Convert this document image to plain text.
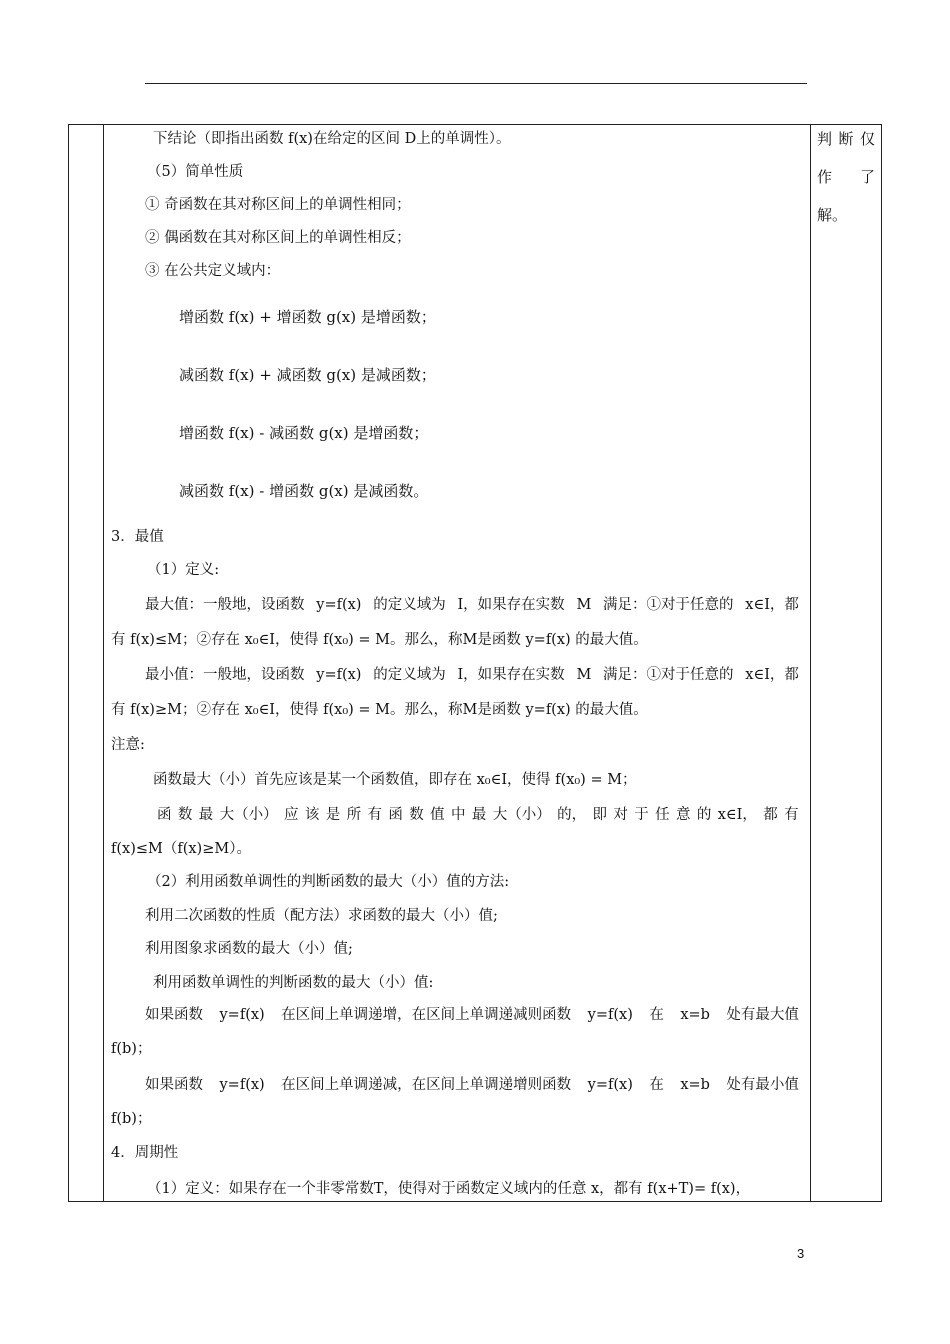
下结论（即指出函数 f(x)在给定的区间 D上的单调性）。
（5）简单性质
① 奇函数在其对称区间上的单调性相同；
② 偶函数在其对称区间上的单调性相反；
③ 在公共定义域内：
增函数 f(x) + 增函数 g(x) 是增函数；
减函数 f(x) + 减函数 g(x) 是减函数；
增函数 f(x) - 减函数 g(x) 是增函数；
减函数 f(x) - 增函数 g(x) 是减函数。
3．最值
（1）定义:
最大值：一般地，设函数 y=f(x) 的定义域为 I，如果存在实数 M 满足：①对于任意的 x∈I，都
有 f(x)≤M；②存在 x₀∈I，使得 f(x₀) = M。那么，称M是函数 y=f(x) 的最大值。
最小值：一般地，设函数 y=f(x) 的定义域为 I，如果存在实数 M 满足：①对于任意的 x∈I，都
有 f(x)≥M；②存在 x₀∈I，使得 f(x₀) = M。那么，称M是函数 y=f(x) 的最大值。
注意:
函数最大（小）首先应该是某一个函数值，即存在 x₀∈I，使得 f(x₀) = M；
函 数 最 大（小） 应 该 是 所 有 函 数 值 中 最 大（小） 的， 即 对 于 任 意 的 x∈I， 都 有
f(x)≤M（f(x)≥M）。
（2）利用函数单调性的判断函数的最大（小）值的方法:
利用二次函数的性质（配方法）求函数的最大（小）值;
利用图象求函数的最大（小）值;
利用函数单调性的判断函数的最大（小）值:
如果函数 y=f(x) 在区间上单调递增，在区间上单调递减则函数 y=f(x) 在 x=b 处有最大值
f(b)；
如果函数 y=f(x) 在区间上单调递减，在区间上单调递增则函数 y=f(x) 在 x=b 处有最小值
f(b)；
4．周期性
（1）定义：如果存在一个非零常数T，使得对于函数定义域内的任意 x，都有 f(x+T)= f(x)，
判 断 仅
作 了
解。
3
